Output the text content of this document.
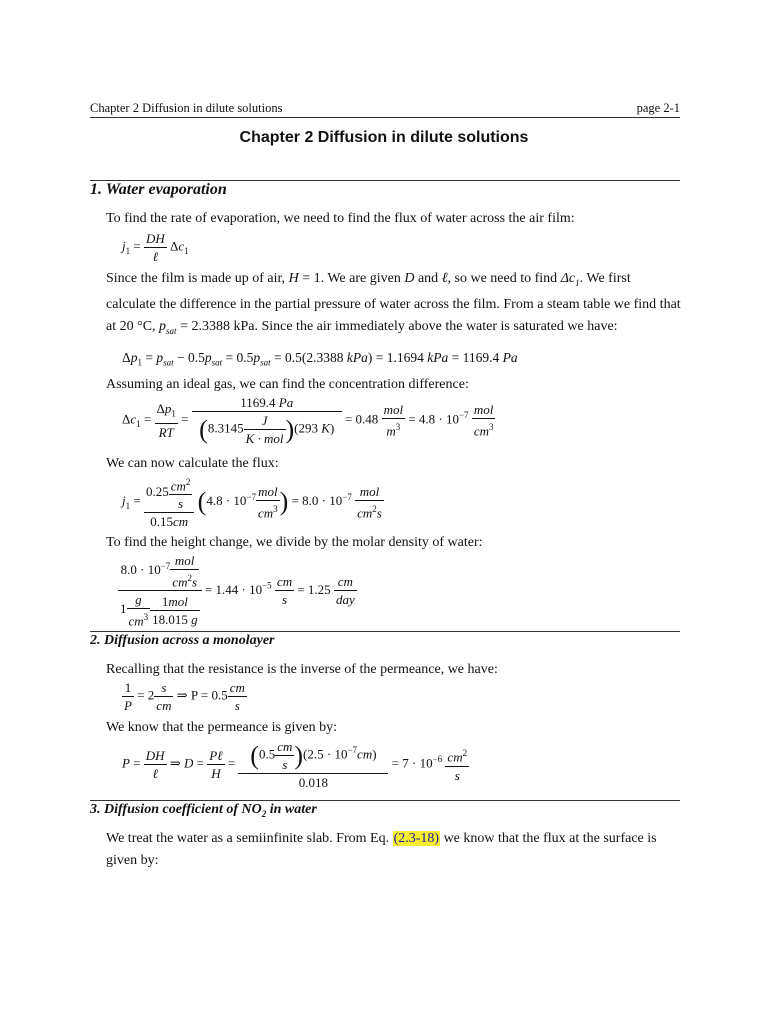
Chapter 2 Diffusion in dilute solutions	page 2-1
Chapter 2 Diffusion in dilute solutions
1. Water evaporation
To find the rate of evaporation, we need to find the flux of water across the air film:
$j_1 = \frac{DH}{\text{ℓ}} \Delta c_1$
Since the film is made up of air, H = 1. We are given D and ℓ, so we need to find $\Delta c_1$. We first calculate the difference in the partial pressure of water across the film. From a steam table we find that at 20 °C, $p_{sat} = 2.3388$ kPa. Since the air immediately above the water is saturated we have:
$\Delta p_1 = p_{sat} - 0.5p_{sat} = 0.5p_{sat} = 0.5(2.3388$ kPa) = 1.1694 kPa = 1169.4 Pa
Assuming an ideal gas, we can find the concentration difference:
$\Delta c_1 = \frac{\Delta p_1}{RT} = \frac{1169.4 Pa}{(8.3145 \frac{J}{\text{K · mol}} )(293 K)} = 0.48 \frac{\text{mol}}{m^3} = 4.8 \cdot 10^{-7} \frac{\text{mol}}{cm^3}$
We can now calculate the flux:
$j_1 = \frac{0.25 \frac{cm^2}{s}}{0.15cm} (4.8 \cdot 10^{-7} \frac{\text{mol}}{cm^3}$ ) = $8.0 \cdot 10^{-7} \frac{\text{mol}}{cm^2s}$
To find the height change, we divide by the molar density of water:
$\frac{8.0 \cdot 10^{-7} \frac{\text{mol}}{cm^2s}}{1 \frac{g}{cm^3} \frac{\text{1mol}}{18.015 g}} = 1.44 \cdot 10^{-5} \frac{cm}{s} = 1.25 \frac{cm}{\text{day}}$
2. Diffusion across a monolayer
Recalling that the resistance is the inverse of the permeance, we have:
$\frac{1}{P} = 2 \frac{s}{cm}$ ⇒ $P = 0.5 \frac{cm}{s}$
We know that the permeance is given by:
$P = \frac{DH}{\text{ℓ}}$ ⇒ $D = \frac{\text{Pℓ}}{H} = \frac{(0.5 \frac{cm}{s} )(2.5 \cdot 10^{-7}cm)}{0.018} = 7 \cdot 10^{-6} \frac{cm^2}{s}$
3. Diffusion coefficient of $NO_2$ in water
We treat the water as a semiinfinite slab. From Eq. (2.3-18) we know that the flux at the surface is given by:
